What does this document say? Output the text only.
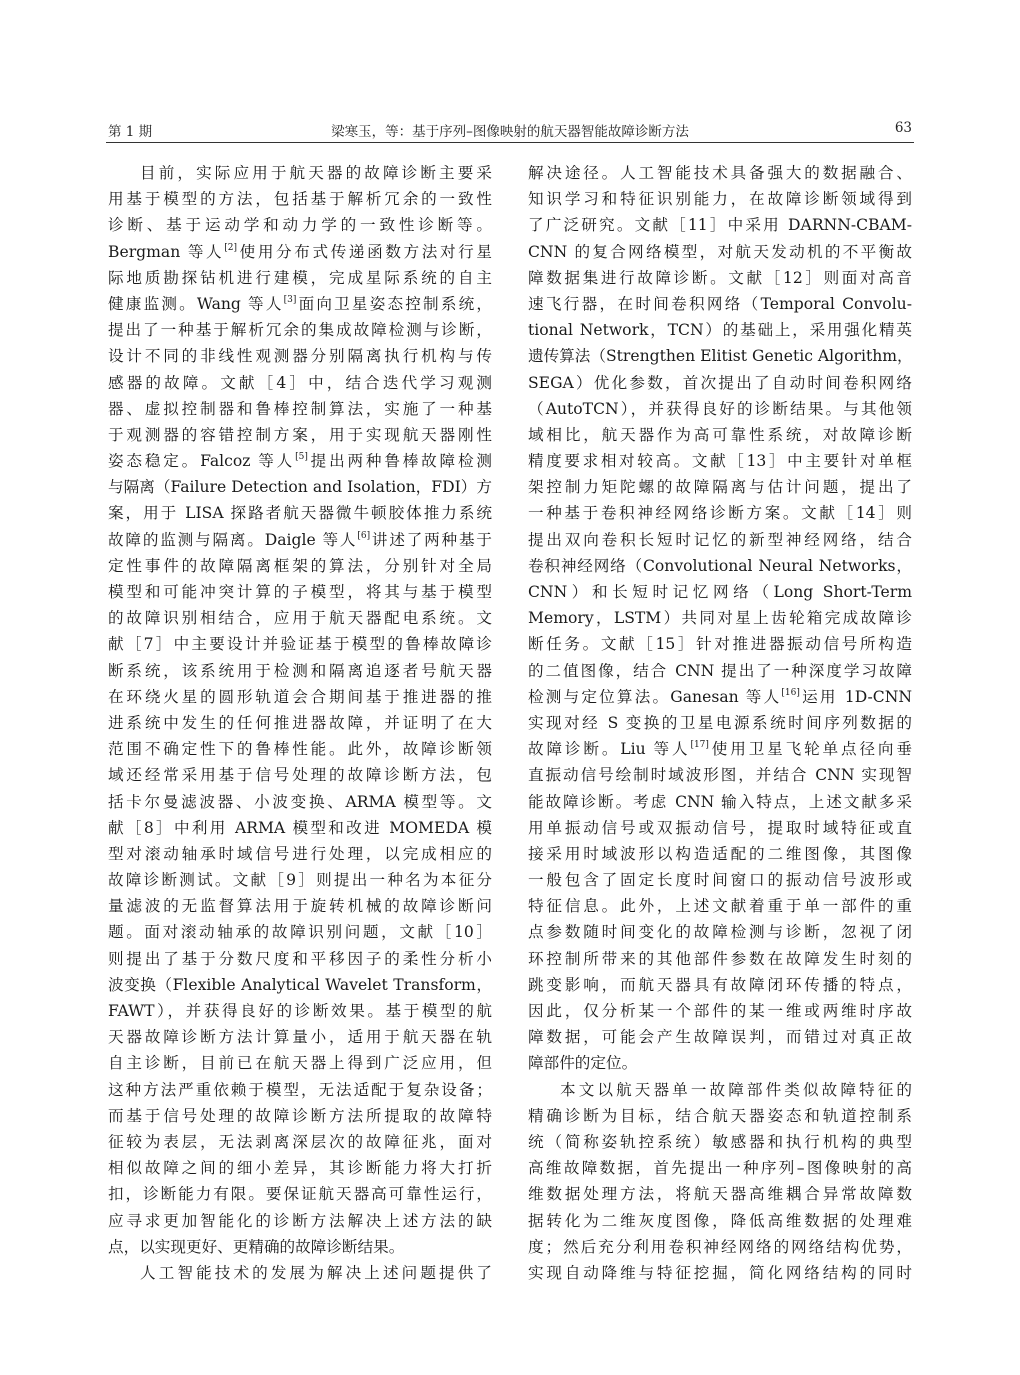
第 1 期	梁寒玉，等：基于序列–图像映射的航天器智能故障诊断方法	63
目前，实际应用于航天器的故障诊断主要采
用基于模型的方法，包括基于解析冗余的一致性
诊断、基于运动学和动力学的一致性诊断等。
Bergman 等人[2]使用分布式传递函数方法对行星
际地质勘探钻机进行建模，完成星际系统的自主
健康监测。Wang 等人[3]面向卫星姿态控制系统，
提出了一种基于解析冗余的集成故障检测与诊断，
设计不同的非线性观测器分别隔离执行机构与传
感器的故障。文献［4］中，结合迭代学习观测
器、虚拟控制器和鲁棒控制算法，实施了一种基
于观测器的容错控制方案，用于实现航天器刚性
姿态稳定。Falcoz 等人[5]提出两种鲁棒故障检测
与隔离（Failure Detection and Isolation，FDI）方
案，用于 LISA 探路者航天器微牛顿胶体推力系统
故障的监测与隔离。Daigle 等人[6]讲述了两种基于
定性事件的故障隔离框架的算法，分别针对全局
模型和可能冲突计算的子模型，将其与基于模型
的故障识别相结合，应用于航天器配电系统。文
献［7］中主要设计并验证基于模型的鲁棒故障诊
断系统，该系统用于检测和隔离追逐者号航天器
在环绕火星的圆形轨道会合期间基于推进器的推
进系统中发生的任何推进器故障，并证明了在大
范围不确定性下的鲁棒性能。此外，故障诊断领
域还经常采用基于信号处理的故障诊断方法，包
括卡尔曼滤波器、小波变换、ARMA 模型等。文
献［8］中利用 ARMA 模型和改进 MOMEDA 模
型对滚动轴承时域信号进行处理，以完成相应的
故障诊断测试。文献［9］则提出一种名为本征分
量滤波的无监督算法用于旋转机械的故障诊断问
题。面对滚动轴承的故障识别问题，文献［10］
则提出了基于分数尺度和平移因子的柔性分析小
波变换（Flexible Analytical Wavelet Transform，
FAWT），并获得良好的诊断效果。基于模型的航
天器故障诊断方法计算量小，适用于航天器在轨
自主诊断，目前已在航天器上得到广泛应用，但
这种方法严重依赖于模型，无法适配于复杂设备；
而基于信号处理的故障诊断方法所提取的故障特
征较为表层，无法剥离深层次的故障征兆，面对
相似故障之间的细小差异，其诊断能力将大打折
扣，诊断能力有限。要保证航天器高可靠性运行，
应寻求更加智能化的诊断方法解决上述方法的缺
点，以实现更好、更精确的故障诊断结果。
人工智能技术的发展为解决上述问题提供了
解决途径。人工智能技术具备强大的数据融合、
知识学习和特征识别能力，在故障诊断领域得到
了广泛研究。文献［11］中采用 DARNN-CBAM-
CNN 的复合网络模型，对航天发动机的不平衡故
障数据集进行故障诊断。文献［12］则面对高音
速飞行器，在时间卷积网络（Temporal Convolu-
tional Network，TCN）的基础上，采用强化精英
遗传算法（Strengthen Elitist Genetic Algorithm，
SEGA）优化参数，首次提出了自动时间卷积网络
（AutoTCN），并获得良好的诊断结果。与其他领
域相比，航天器作为高可靠性系统，对故障诊断
精度要求相对较高。文献［13］中主要针对单框
架控制力矩陀螺的故障隔离与估计问题，提出了
一种基于卷积神经网络诊断方案。文献［14］则
提出双向卷积长短时记忆的新型神经网络，结合
卷积神经网络（Convolutional Neural Networks，
CNN）和长短时记忆网络（Long Short-Term
Memory，LSTM）共同对星上齿轮箱完成故障诊
断任务。文献［15］针对推进器振动信号所构造
的二值图像，结合 CNN 提出了一种深度学习故障
检测与定位算法。Ganesan 等人[16]运用 1D-CNN
实现对经 S 变换的卫星电源系统时间序列数据的
故障诊断。Liu 等人[17]使用卫星飞轮单点径向垂
直振动信号绘制时域波形图，并结合 CNN 实现智
能故障诊断。考虑 CNN 输入特点，上述文献多采
用单振动信号或双振动信号，提取时域特征或直
接采用时域波形以构造适配的二维图像，其图像
一般包含了固定长度时间窗口的振动信号波形或
特征信息。此外，上述文献着重于单一部件的重
点参数随时间变化的故障检测与诊断，忽视了闭
环控制所带来的其他部件参数在故障发生时刻的
跳变影响，而航天器具有故障闭环传播的特点，
因此，仅分析某一个部件的某一维或两维时序故
障数据，可能会产生故障误判，而错过对真正故
障部件的定位。
本文以航天器单一故障部件类似故障特征的
精确诊断为目标，结合航天器姿态和轨道控制系
统（简称姿轨控系统）敏感器和执行机构的典型
高维故障数据，首先提出一种序列–图像映射的高
维数据处理方法，将航天器高维耦合异常故障数
据转化为二维灰度图像，降低高维数据的处理难
度；然后充分利用卷积神经网络的网络结构优势，
实现自动降维与特征挖掘，简化网络结构的同时
